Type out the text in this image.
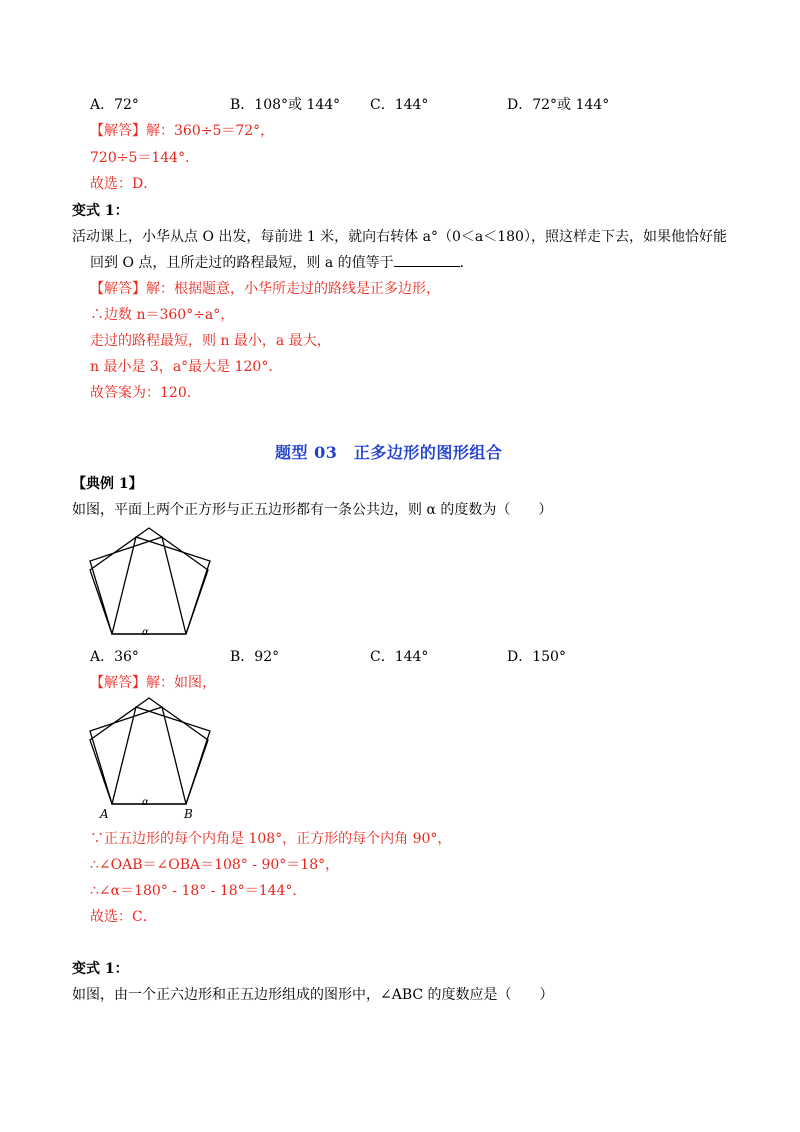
A．72°	B．108°或 144° C．144°	D．72°或 144°
【解答】解：360÷5＝72°，
720÷5＝144°．
故选：D．
变式 1：
活动课上，小华从点 O 出发，每前进 1 米，就向右转体 a°（0＜a＜180），照这样走下去，如果他恰好能
回到 O 点，且所走过的路程最短，则 a 的值等于	．
【解答】解：根据题意，小华所走过的路线是正多边形，
∴边数 n＝360°÷a°，
走过的路程最短，则 n 最小，a 最大，
n 最小是 3，a°最大是 120°．
故答案为：120．
题型 03　正多边形的图形组合
【典例 1】
如图，平面上两个正方形与正五边形都有一条公共边，则 α 的度数为（　　）
α
A．36°	B．92°	C．144°	D．150°
【解答】解：如图，
α
A	B
∵正五边形的每个内角是 108°，正方形的每个内角 90°，
∴∠OAB＝∠OBA＝108° - 90°＝18°，
∴∠α＝180° - 18° - 18°＝144°．
故选：C．
变式 1：
如图，由一个正六边形和正五边形组成的图形中，∠ABC 的度数应是（　　）
